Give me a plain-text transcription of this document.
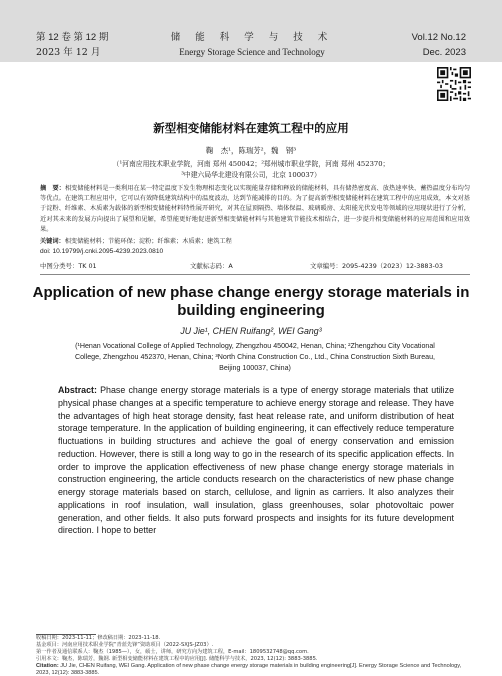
第 12 卷 第 12 期
2023 年 12 月
储 能 科 学 与 技 术
Energy Storage Science and Technology
Vol.12 No.12
Dec. 2023
新型相变储能材料在建筑工程中的应用
鞠　杰¹，陈瑞芳²，魏　钢³
（¹河南应用技术职业学院，河南 郑州 450042；²郑州城市职业学院，河南 郑州 452370；
³中建六局华北建设有限公司，北京 100037）
摘　要：相变储能材料是一类利用在某一特定温度下发生物理相态变化以实现能量存储和释放的储能材料，具有储热密度高、放热速率快、蓄热温度分布均匀等优点。在建筑工程应用中，它可以有效降低建筑结构中的温度波动，达到节能减排的目的。为了提高新型相变储能材料在建筑工程中的应用成效，本文对基于淀粉、纤维素、木质素为载体的新型相变储能材料特性展开研究，对其在屋顶隔热、墙体保温、玻璃暖房、太阳能光伏发电等领域的应用现状进行了分析，近对其未来的发展方向提出了展望和见解，希望能更好地促进新型相变储能材料与其他建筑节能技术相结合，进一步提升相变储能材料的应用范围和应用效果。
关键词：相变储能材料；节能环保；淀粉；纤维素；木质素；建筑工程
doi: 10.19799/j.cnki.2095-4239.2023.0810
中图分类号：TK 01	文献标志码：A	文章编号：2095-4239（2023）12-3883-03
Application of new phase change energy storage materials in
building engineering
JU Jie¹, CHEN Ruifang², WEI Gang³
(¹Henan Vocational College of Applied Technology, Zhengzhou 450042, Henan, China; ²Zhengzhou City Vocational
College, Zhengzhou 452370, Henan, China; ³North China Construction Co., Ltd., China Construction Sixth Bureau,
Beijing 100037, China)
Abstract: Phase change energy storage materials is a type of energy storage materials that utilize physical phase changes at a specific temperature to achieve energy storage and release. They have the advantages of high heat storage density, fast heat release rate, and uniform distribution of heat storage temperature. In the application of building engineering, it can effectively reduce temperature fluctuations in building structures and achieve the goal of energy conservation and emission reduction. However, there is still a long way to go in the research of its specific application effects. In order to improve the application effectiveness of new phase change energy storage materials in construction engineering, the article conducts research on the characteristics of new phase change energy storage materials based on starch, cellulose, and lignin as carriers. It also analyzes their applications in roof insulation, wall insulation, glass greenhouses, solar photovoltaic power generation, and other fields. It also puts forward prospects and insights for its future development direction. I hope to better
收稿日期：2023-11-11；修改稿日期：2023-11-18.
基金项目：河南应用技术职业学院“青蓝先锋”资助项目（2022-SXJS-JZ03）.
第一作者及通信联系人：鞠杰（1985—），女，硕士，讲师，研究方向为建筑工程，E-mail：18095327​48@qq.com.
引用本文：鞠杰，陈瑞芳，魏钢. 新型相变储能材料在建筑工程中的应用[J]. 储能科学与技术，2023, 12(12): 3883-3885.
Citation: JU Jie, CHEN Ruifang, WEI Gang. Application of new phase change energy storage materials in building engineering[J]. Energy Storage Science and Technology, 2023, 12(12): 3883-3885.
